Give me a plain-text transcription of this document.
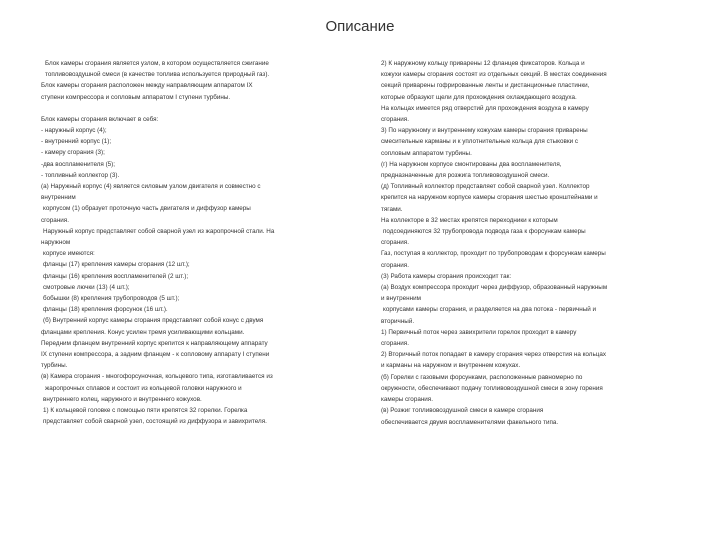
Описание

Блок камеры сгорания является узлом, в котором осуществляется сжигание

топливовоздушной смеси (в качестве топлива используется природный газ).

Блок камеры сгорания расположен между направляющим аппаратом IX

ступени компрессора и сопловым аппаратом I ступени турбины.

Блок камеры сгорания включает в себя:

- наружный корпус (4);

- внутренний корпус (1);

- камеру сгорания (3);

-два воспламенителя (5);

- топливный коллектор (3).

(а) Наружный корпус (4) является силовым узлом двигателя и совместно с

внутренним

корпусом (1) образует проточную часть двигателя и диффузор камеры

сгорания.

Наружный корпус представляет собой сварной узел из жаропрочной стали. На

наружном

корпусе имеются:

фланцы (17) крепления камеры сгорания (12 шт.);

фланцы (16) крепления воспламенителей (2 шт.);

смотровые лючки (13) (4 шт.);

бобышки (8) крепления трубопроводов (5 шт.);

фланцы (18) крепления форсунок (16 шт.).

(б) Внутренний корпус камеры сгорания представляет собой конус с двумя

фланцами крепления. Конус усилен тремя усиливающими кольцами.

Передним фланцем внутренний корпус крепится к направляющему аппарату

IX ступени компрессора, а задним фланцем - к сопловому аппарату I ступени

турбины.

(в) Камера сгорания - многофорсуночная, кольцевого типа, изготавливается из

жаропрочных сплавов и состоит из кольцевой головки наружного и

внутреннего колец, наружного и внутреннего кожухов.

1) К кольцевой головке с помощью пяти крепятся 32 горелки. Горелка

представляет собой сварной узел, состоящий из диффузора и завихрителя.

2) К наружному кольцу приварены 12 фланцев фиксаторов. Кольца и

кожухи камеры сгорания состоят из отдельных секций. В местах соединения

секций приварены гофрированные ленты и дистанционные пластинки,

которые образуют щели для прохождения охлаждающего воздуха.

На кольцах имеется ряд отверстий для прохождения воздуха в камеру

сгорания.

3) По наружному и внутреннему кожухам камеры сгорания приварены

смесительные карманы и к уплотнительные кольца для стыковки с

сопловым аппаратом турбины.

(г) На наружном корпусе смонтированы два воспламенителя,

предназначенные для розжига топливовоздушной смеси.

(д) Топливный коллектор представляет собой сварной узел. Коллектор

крепится на наружном корпусе камеры сгорания шестью кронштейнами и

тягами.

На коллекторе в 32 местах крепятся переходники к которым

подсоединяются 32 трубопровода подвода газа к форсункам камеры

сгорания.

Газ, поступая в коллектор, проходит по трубопроводам к форсункам камеры

сгорания.

(3) Работа камеры сгорания происходит так:

(а) Воздух компрессора проходит через диффузор, образованный наружным

и внутренним

корпусами камеры сгорания, и разделяется на два потока - первичный и

вторичный.

1) Первичный поток через завихрители горелок проходит в камеру

сгорания.

2) Вторичный поток попадает в камеру сгорания через отверстия на кольцах

и карманы на наружном и внутреннем кожухах.

(б) Горелки с газовыми форсунками, расположенные равномерно по

окружности, обеспечивают подачу топливовоздушной смеси в зону горения

камеры сгорания.

(в) Розжиг топливовоздушной смеси в камере сгорания

обеспечивается двумя воспламенителями факельного типа.
